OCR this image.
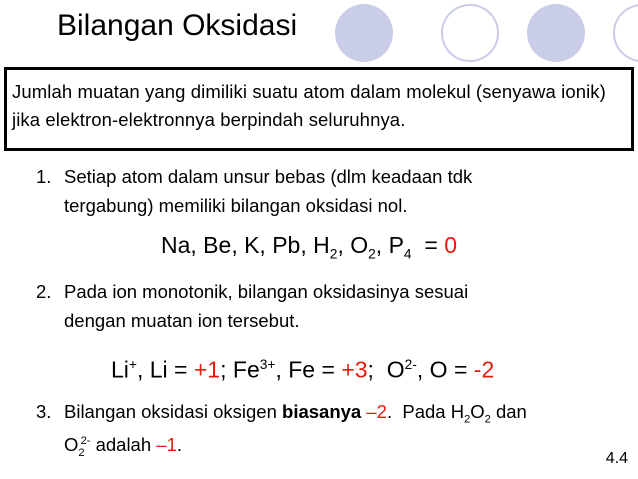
Bilangan Oksidasi
Jumlah muatan yang dimiliki suatu atom dalam molekul (senyawa ionik) jika elektron-elektronnya berpindah seluruhnya.
1. Setiap atom dalam unsur bebas (dlm keadaan tdk
tergabung) memiliki bilangan oksidasi nol.
Na, Be, K, Pb, $H_2$, $O_2$, $P_4 = 0$
2. Pada ion monotonik, bilangan oksidasinya sesuai
dengan muatan ion tersebut.
Li+, Li = +1; $Fe^{3+}$, Fe = +3;  $O^{2-}$, O = -2
3. Bilangan oksidasi oksigen biasanya –2.  Pada $H_2O_2$ dan
$O_2^{2-}$ adalah –1.
4.4
